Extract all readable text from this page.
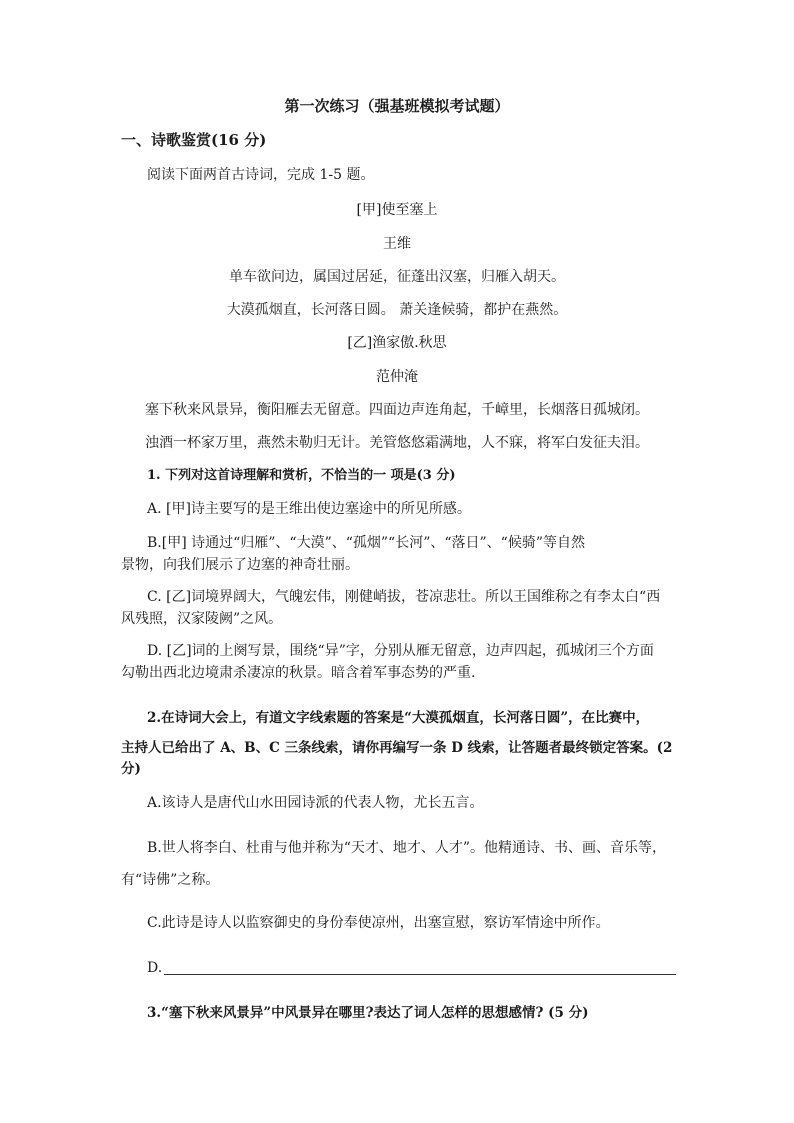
第一次练习（强基班模拟考试题）
一、诗歌鉴赏(16 分)
阅读下面两首古诗词，完成 1-5 题。
[甲]使至塞上
王维
单车欲问边，属国过居延，征蓬出汉塞，归雁入胡天。
大漠孤烟直，长河落日圆。 萧关逢候骑，都护在燕然。
[乙]渔家傲.秋思
范仲淹
塞下秋来风景异，衡阳雁去无留意。四面边声连角起，千嶂里，长烟落日孤城闭。
浊酒一杯家万里，燕然未勒归无计。羌管悠悠霜满地，人不寐，将军白发征夫泪。
1. 下列对这首诗理解和赏析，不恰当的一 项是(3 分)
A. [甲]诗主要写的是王维出使边塞途中的所见所感。
B.[甲] 诗通过“归雁”、“大漠”、“孤烟”“长河”、“落日”、“候骑”等自然
景物，向我们展示了边塞的神奇壮丽。
C. [乙]词境界阔大，气魄宏伟，刚健峭拔，苍凉悲壮。所以王国维称之有李太白“西
风残照，汉家陵阙”之风。
D. [乙]词的上阕写景，围绕“异”字，分别从雁无留意，边声四起，孤城闭三个方面
勾勒出西北边境肃杀凄凉的秋景。暗含着军事态势的严重.
2.在诗词大会上，有道文字线索题的答案是“大漠孤烟直，长河落日圆”，在比赛中，
主持人已给出了 A、B、C 三条线索，请你再编写一条 D 线索，让答题者最终锁定答案。(2
分)
A.该诗人是唐代山水田园诗派的代表人物，尤长五言。
B.世人将李白、杜甫与他并称为“天才、地才、人才”。他精通诗、书、画、音乐等，
有“诗佛”之称。
C.此诗是诗人以监察御史的身份奉使凉州，出塞宣慰，察访军情途中所作。
D.
3.“塞下秋来风景异”中风景异在哪里?表达了词人怎样的思想感情? (5 分)
